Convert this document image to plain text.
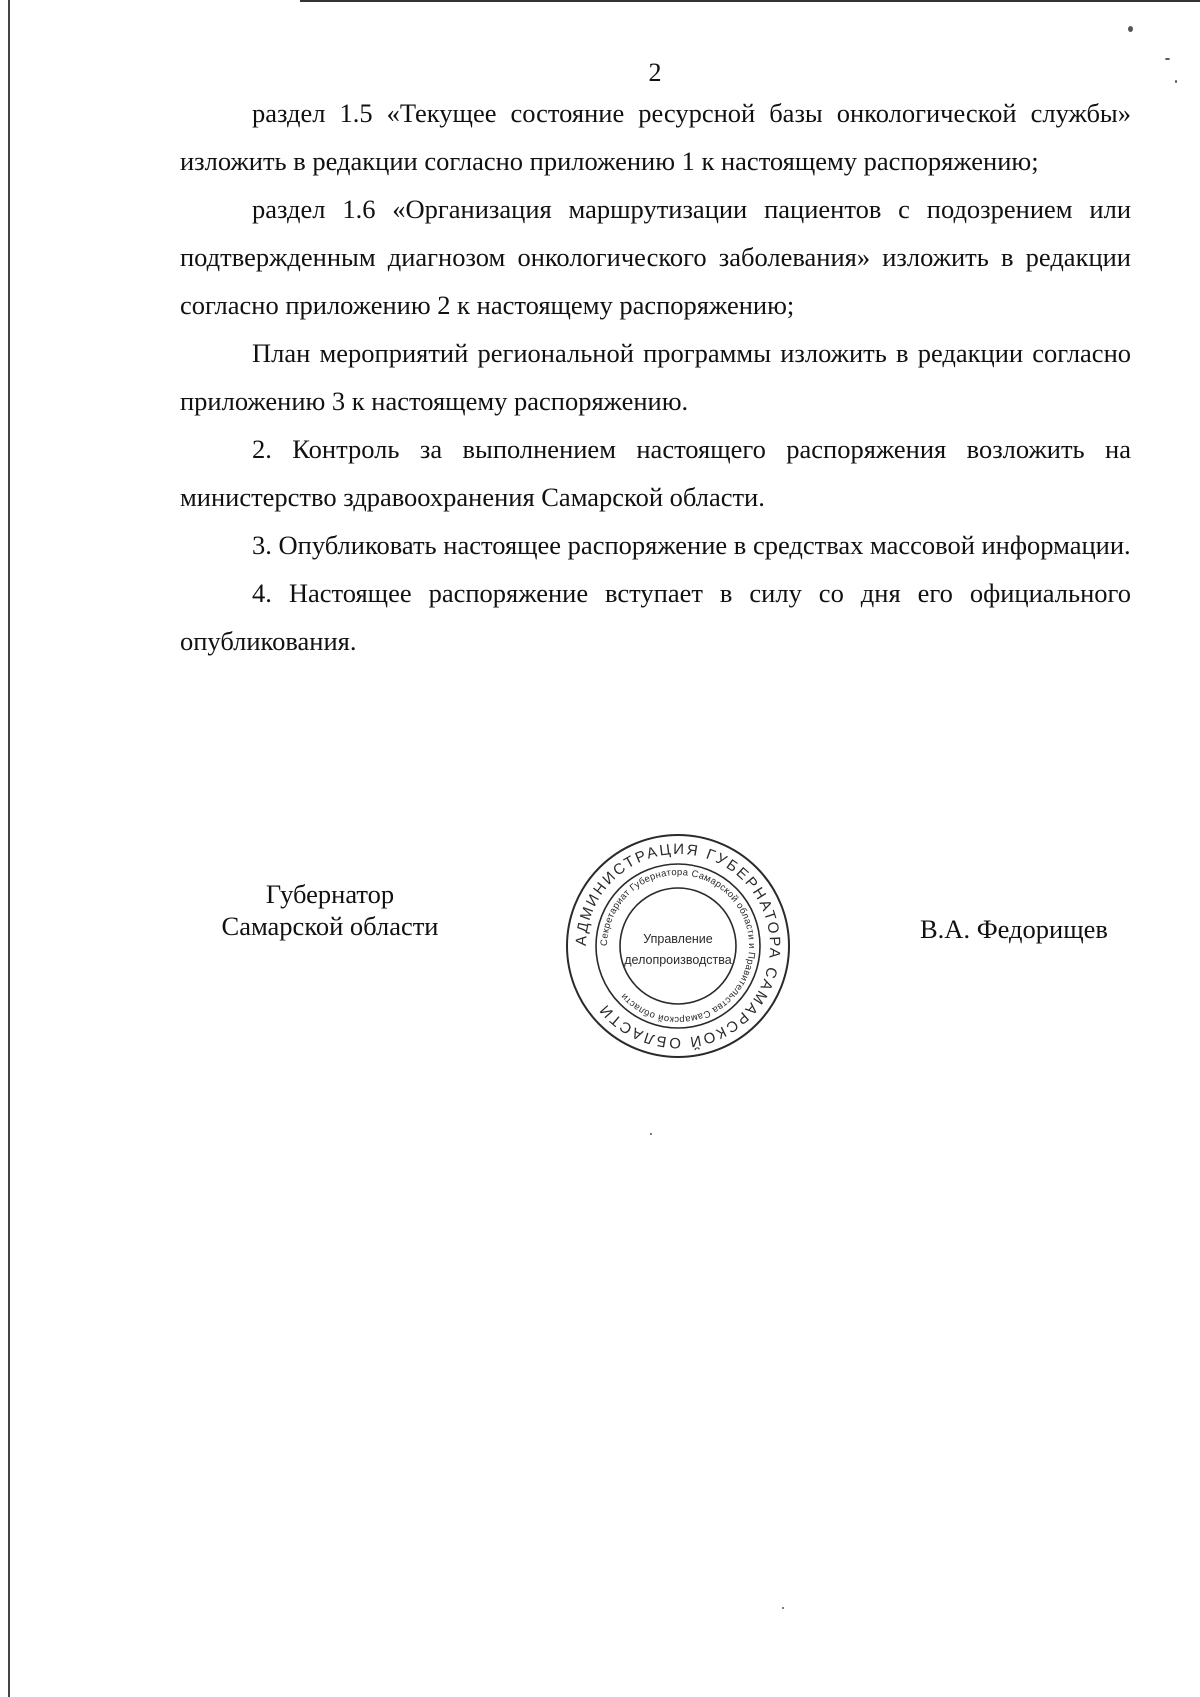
2

раздел 1.5 «Текущее состояние ресурсной базы онкологической службы» изложить в редакции согласно приложению 1 к настоящему распоряжению;

раздел 1.6 «Организация маршрутизации пациентов с подозрением или подтвержденным диагнозом онкологического заболевания» изложить в редакции согласно приложению 2 к настоящему распоряжению;

План мероприятий региональной программы изложить в редакции согласно приложению 3 к настоящему распоряжению.

2. Контроль за выполнением настоящего распоряжения возложить на министерство здравоохранения Самарской области.

3. Опубликовать настоящее распоряжение в средствах массовой информации.

4. Настоящее распоряжение вступает в силу со дня его официального опубликования.

Губернатор
Самарской области	В.А. Федорищев
АДМИНИСТРАЦИЯ ГУБЕРНАТОРА САМАРСКОЙ ОБЛАСТИ
Секретариат Губернатора Самарской области и Правительства Самарской области
Управление
делопроизводства
